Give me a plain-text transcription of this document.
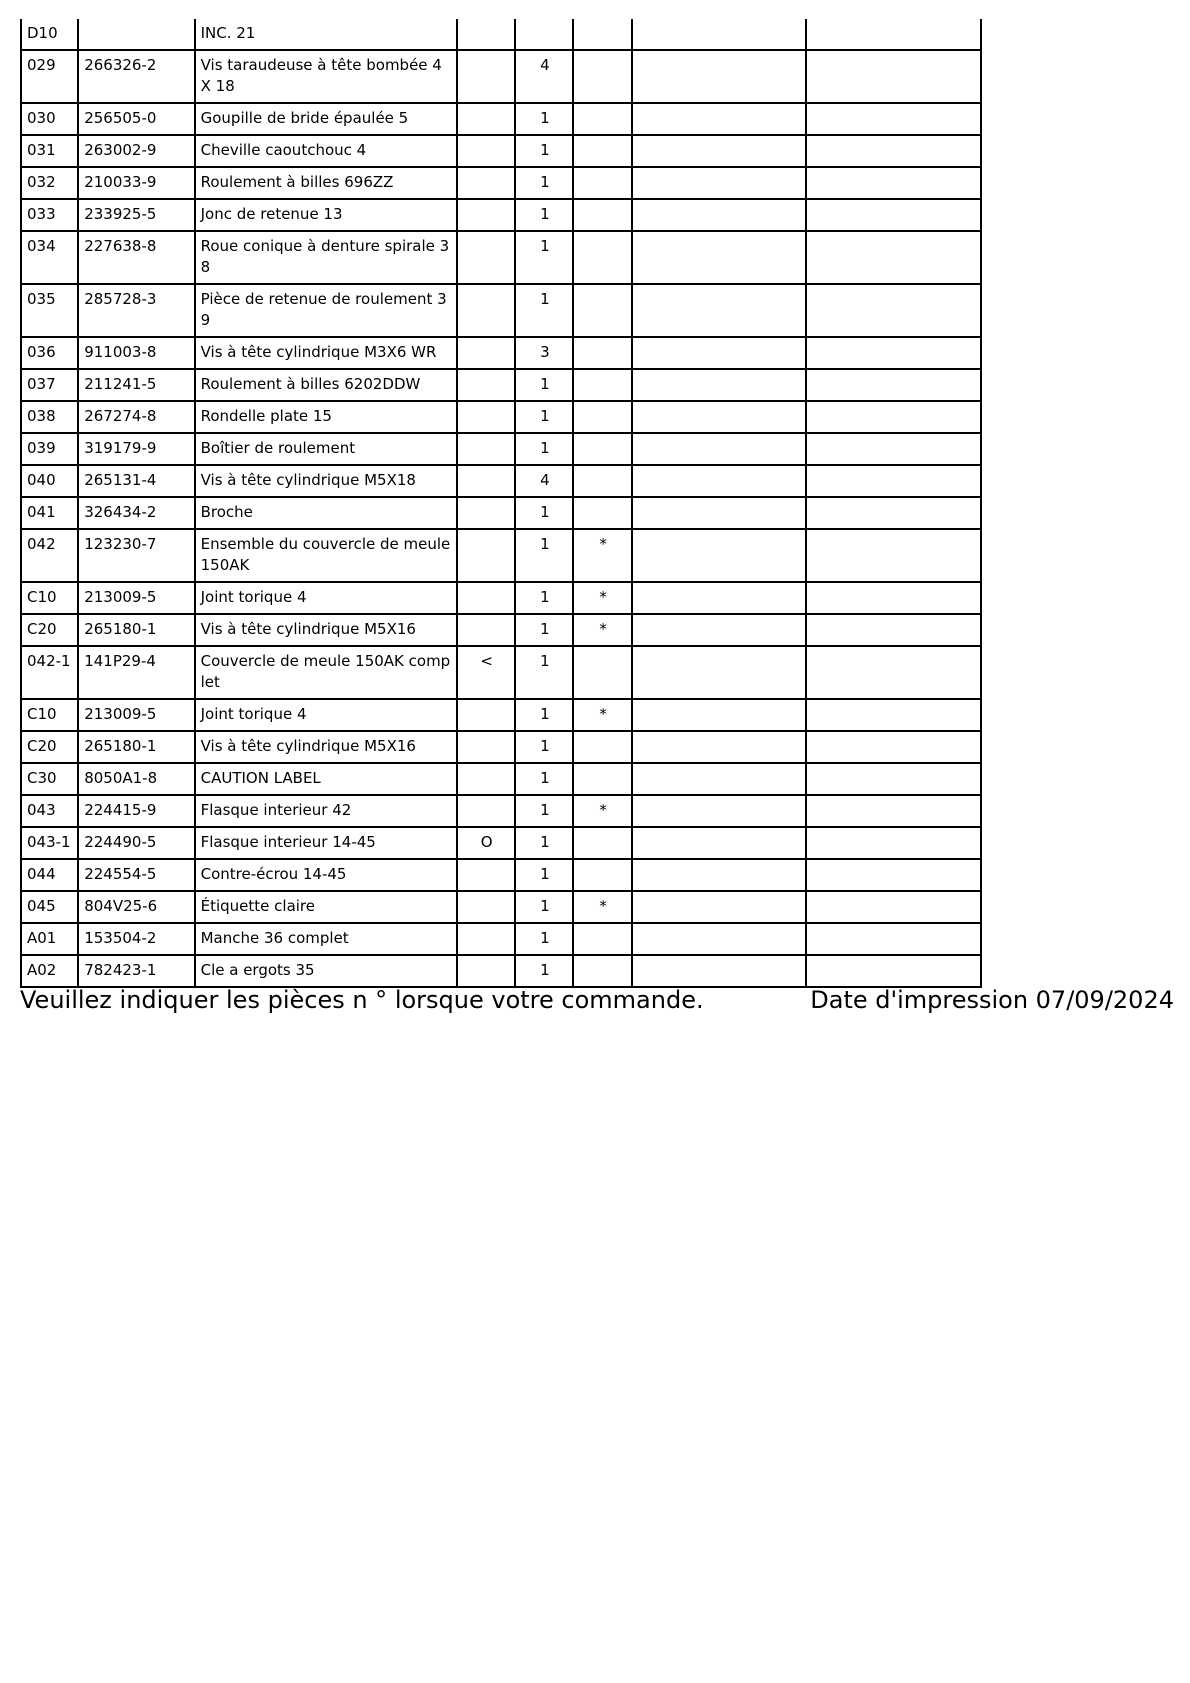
D10		INC. 21					
029	266326-2	Vis taraudeuse à tête bombée 4X 18		4			
030	256505-0	Goupille de bride épaulée 5		1			
031	263002-9	Cheville caoutchouc 4		1			
032	210033-9	Roulement à billes 696ZZ		1			
033	233925-5	Jonc de retenue 13		1			
034	227638-8	Roue conique à denture spirale 3 8		1			
035	285728-3	Pièce de retenue de roulement 3 9		1			
036	911003-8	Vis à tête cylindrique M3X6 WR		3			
037	211241-5	Roulement à billes 6202DDW		1			
038	267274-8	Rondelle plate 15		1			
039	319179-9	Boîtier de roulement		1			
040	265131-4	Vis à tête cylindrique M5X18		4			
041	326434-2	Broche		1			
042	123230-7	Ensemble du couvercle de meule 150AK		1	*		
C10	213009-5	Joint torique 4		1	*		
C20	265180-1	Vis à tête cylindrique M5X16		1	*		
042-1	141P29-4	Couvercle de meule 150AK comp let	<	1			
C10	213009-5	Joint torique 4		1	*		
C20	265180-1	Vis à tête cylindrique M5X16		1			
C30	8050A1-8	CAUTION LABEL		1			
043	224415-9	Flasque interieur 42		1	*		
043-1	224490-5	Flasque interieur 14-45	O	1			
044	224554-5	Contre-écrou 14-45		1			
045	804V25-6	Étiquette claire		1	*		
A01	153504-2	Manche 36 complet		1			
A02	782423-1	Cle a ergots 35		1			
Veuillez indiquer les pièces n ° lorsque votre commande.	Date d'impression 07/09/2024
